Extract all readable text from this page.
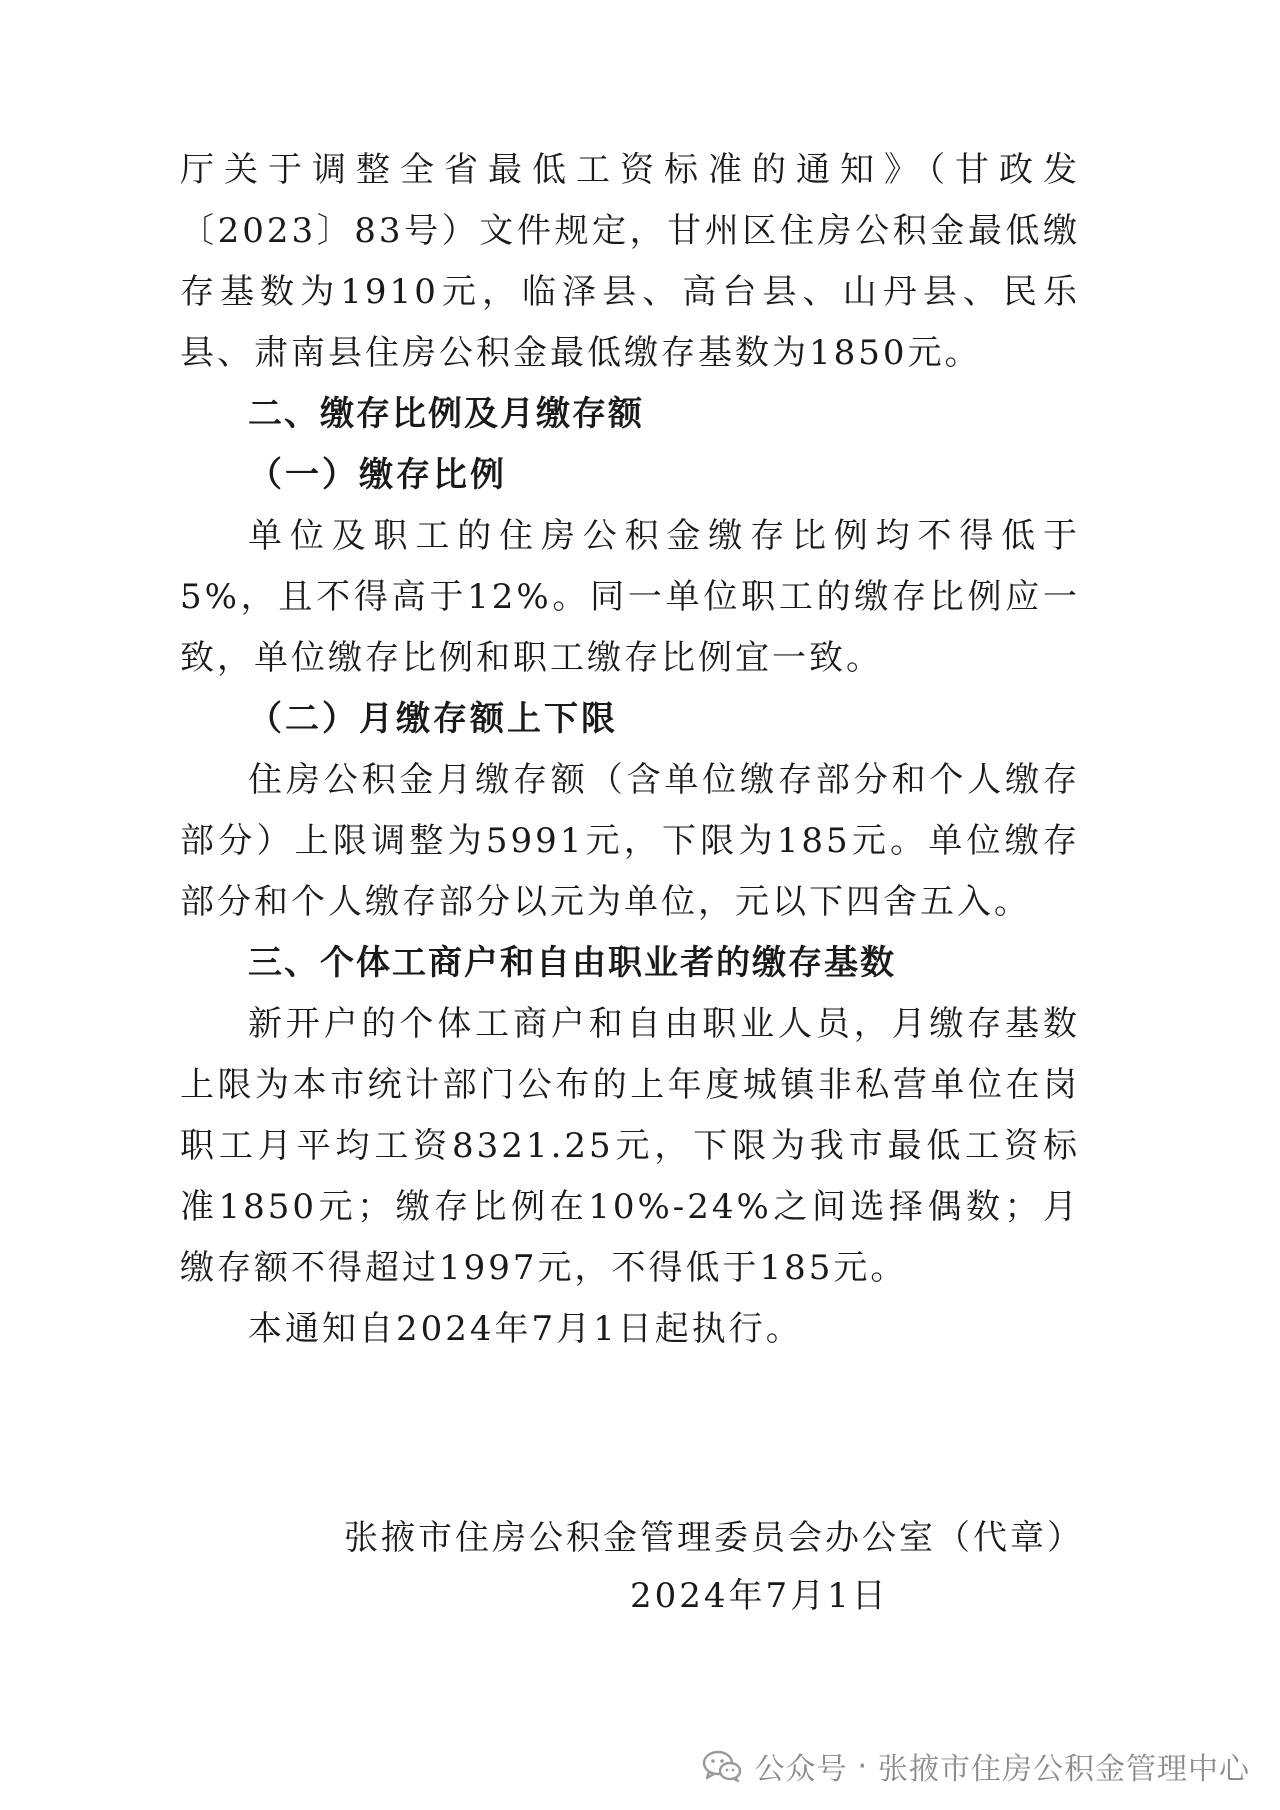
厅关于调整全省最低工资标准的通知》（甘政发〔2023〕83号）文件规定，甘州区住房公积金最低缴存基数为1910元，临泽县、高台县、山丹县、民乐县、肃南县住房公积金最低缴存基数为1850元。

二、缴存比例及月缴存额

（一）缴存比例

单位及职工的住房公积金缴存比例均不得低于5%，且不得高于12%。同一单位职工的缴存比例应一致，单位缴存比例和职工缴存比例宜一致。

（二）月缴存额上下限

住房公积金月缴存额（含单位缴存部分和个人缴存部分）上限调整为5991元，下限为185元。单位缴存部分和个人缴存部分以元为单位，元以下四舍五入。

三、个体工商户和自由职业者的缴存基数

新开户的个体工商户和自由职业人员，月缴存基数上限为本市统计部门公布的上年度城镇非私营单位在岗职工月平均工资8321.25元，下限为我市最低工资标准1850元；缴存比例在10%-24%之间选择偶数；月缴存额不得超过1997元，不得低于185元。

本通知自2024年7月1日起执行。

张掖市住房公积金管理委员会办公室（代章）
2024年7月1日
公众号 · 张掖市住房公积金管理中心
